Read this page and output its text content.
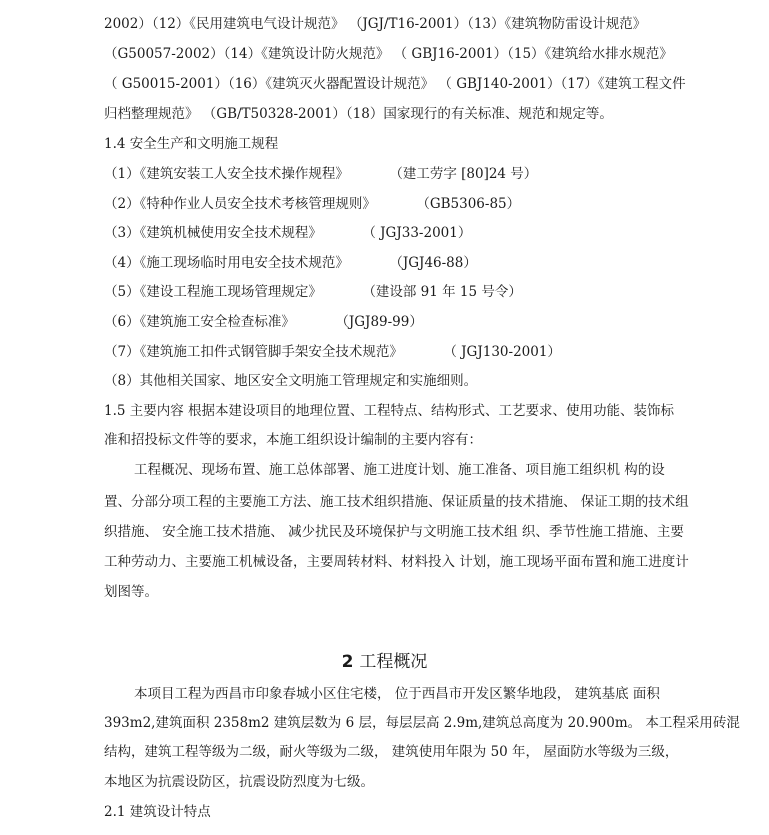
2002）（12）《民用建筑电气设计规范》 （JGJ/T16-2001）（13）《建筑物防雷设计规范》
（G50057-2002）（14）《建筑设计防火规范》 （ GBJ16-2001）（15）《建筑给水排水规范》
（ G50015-2001）（16）《建筑灭火器配置设计规范》 （ GBJ140-2001）（17）《建筑工程文件
归档整理规范》 （GB/T50328-2001）（18）国家现行的有关标准、规范和规定等。
1.4 安全生产和文明施工规程
（1）《建筑安装工人安全技术操作规程》　　　　（建工劳字 [80]24 号）
（2）《特种作业人员安全技术考核管理规则》　　　　（GB5306-85）
（3）《建筑机械使用安全技术规程》　　　　（ JGJ33-2001）
（4）《施工现场临时用电安全技术规范》　　　　（JGJ46-88）
（5）《建设工程施工现场管理规定》　　　　（建设部 91 年 15 号令）
（6）《建筑施工安全检查标准》　　　　（JGJ89-99）
（7）《建筑施工扣件式钢管脚手架安全技术规范》　　　　（ JGJ130-2001）
（8）其他相关国家、地区安全文明施工管理规定和实施细则。
1.5 主要内容 根据本建设项目的地理位置、工程特点、结构形式、工艺要求、使用功能、装饰标
准和招投标文件等的要求，本施工组织设计编制的主要内容有：
工程概况、现场布置、施工总体部署、施工进度计划、施工准备、项目施工组织机 构的设
置、分部分项工程的主要施工方法、施工技术组织措施、保证质量的技术措施、 保证工期的技术组
织措施、 安全施工技术措施、 减少扰民及环境保护与文明施工技术组 织、季节性施工措施、主要
工种劳动力、主要施工机械设备，主要周转材料、材料投入 计划，施工现场平面布置和施工进度计
划图等。
2 工程概况
本项目工程为西昌市印象春城小区住宅楼， 位于西昌市开发区繁华地段， 建筑基底 面积
393m2,建筑面积 2358m2 建筑层数为 6 层，每层层高 2.9m,建筑总高度为 20.900m。 本工程采用砖混
结构，建筑工程等级为二级，耐火等级为二级， 建筑使用年限为 50 年， 屋面防水等级为三级，
本地区为抗震设防区，抗震设防烈度为七级。
2.1 建筑设计特点
